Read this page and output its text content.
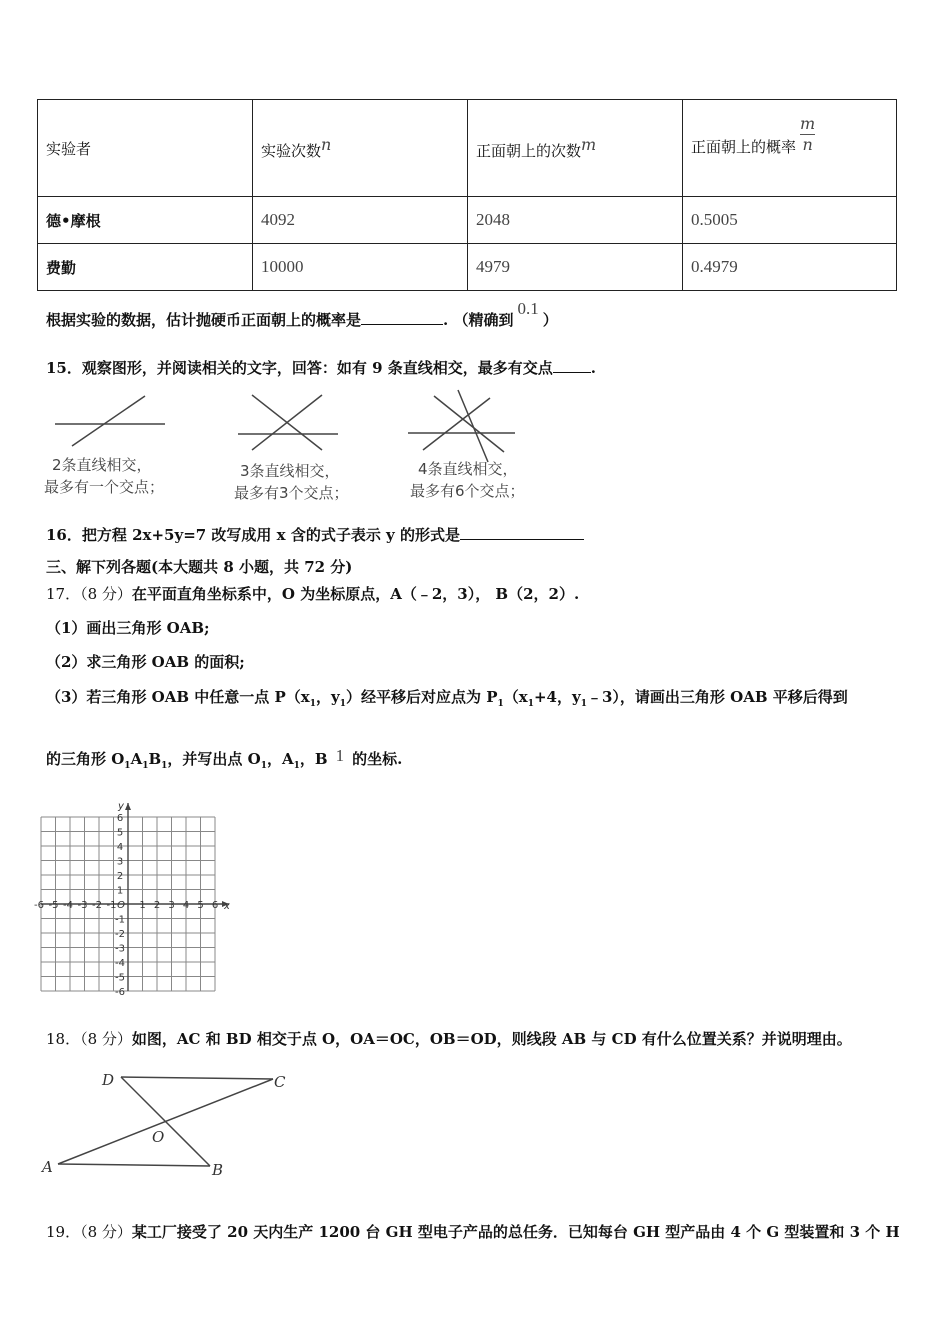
实验者	实验次数n	正面朝上的次数m	正面朝上的概率 $\frac{m}{n}$

德•摩根	4092	2048	0.5005
费勤	10000	4979	0.4979
根据实验的数据，估计抛硬币正面朝上的概率是	. （精确到0.1）
15．观察图形，并阅读相关的文字，回答：如有 9 条直线相交，最多有交点	.
2条直线相交，
最多有一个交点；
3条直线相交，
最多有3个交点；
4条直线相交，
最多有6个交点；
16．把方程 2x+5y=7 改写成用 x 含的式子表示 y 的形式是
三、解下列各题(本大题共 8 小题，共 72 分)
17．（8 分）在平面直角坐标系中，O 为坐标原点，A（﹣2，3）， B（2，2）.
（1）画出三角形 OAB;
（2）求三角形 OAB 的面积;
（3）若三角形 OAB 中任意一点 $P(x_1$，$y_1$）经平移后对应点为 $P_1(x_1+4$，$y_1﹣3$），请画出三角形 OAB 平移后得到
的三角形 $O_1A_1B_1$，并写出点 $O_1$，$A_1$，B 1 的坐标.
-6 -5 -4 -3 -2 -1 1 2 3 4 5 6
6
5
4
3
2
1
-1
-2
-3
-4
-5
-6
O	x
y
18．（8 分）如图，AC 和 BD 相交于点 O，OA＝OC，OB＝OD，则线段 AB 与 CD 有什么位置关系？并说明理由。
D	C
O
A	B
19．（8 分）某工厂接受了 20 天内生产 1200 台 GH 型电子产品的总任务．已知每台 GH 型产品由 4 个 G 型装置和 3 个 H
